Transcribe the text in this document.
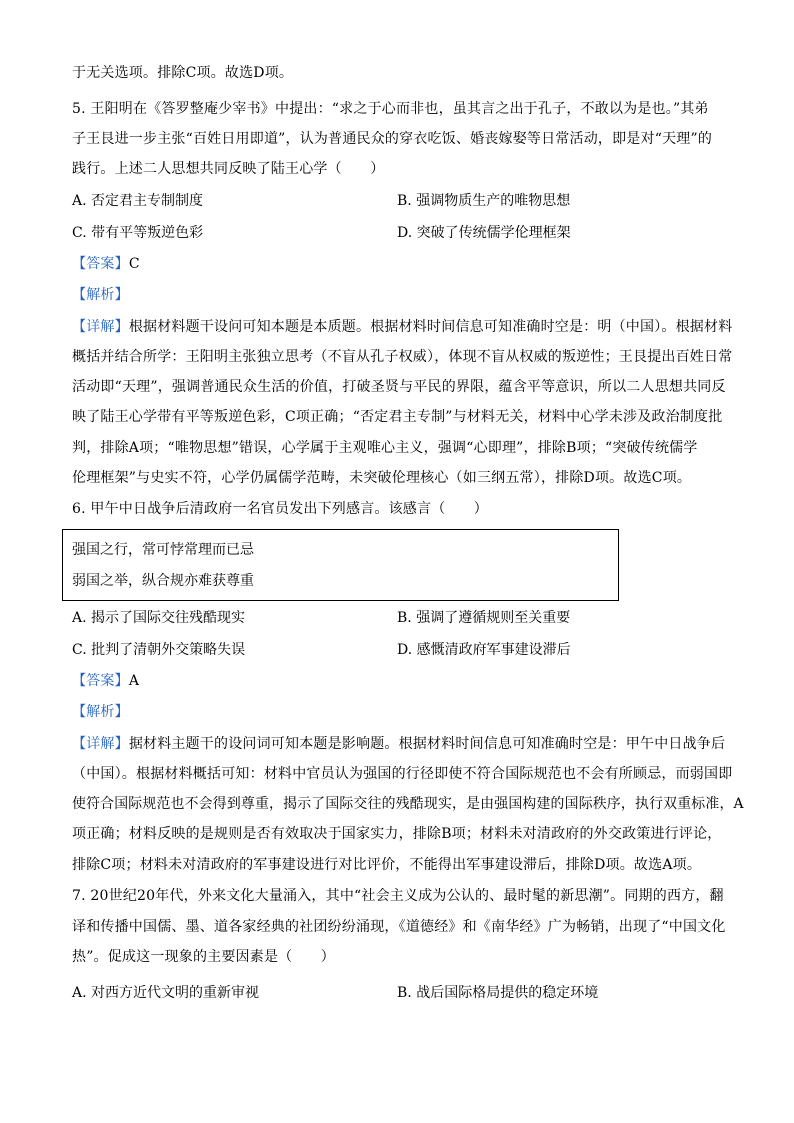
于无关选项。排除C项。故选D项。
5. 王阳明在《答罗整庵少宰书》中提出：“求之于心而非也，虽其言之出于孔子，不敢以为是也。”其弟
子王艮进一步主张“百姓日用即道”，认为普通民众的穿衣吃饭、婚丧嫁娶等日常活动，即是对“天理”的
践行。上述二人思想共同反映了陆王心学（　　）
A. 否定君主专制制度	B. 强调物质生产的唯物思想
C. 带有平等叛逆色彩	D. 突破了传统儒学伦理框架
【答案】C
【解析】
【详解】根据材料题干设问可知本题是本质题。根据材料时间信息可知准确时空是：明（中国）。根据材料
概括并结合所学：王阳明主张独立思考（不盲从孔子权威），体现不盲从权威的叛逆性；王艮提出百姓日常
活动即“天理”，强调普通民众生活的价值，打破圣贤与平民的界限，蕴含平等意识，所以二人思想共同反
映了陆王心学带有平等叛逆色彩，C项正确；“否定君主专制”与材料无关，材料中心学未涉及政治制度批
判，排除A项；“唯物思想”错误，心学属于主观唯心主义，强调“心即理”，排除B项；“突破传统儒学
伦理框架”与史实不符，心学仍属儒学范畴，未突破伦理核心（如三纲五常），排除D项。故选C项。
6. 甲午中日战争后清政府一名官员发出下列感言。该感言（　　）
强国之行，常可悖常理而已忌
弱国之举，纵合规亦难获尊重
A. 揭示了国际交往残酷现实	B. 强调了遵循规则至关重要
C. 批判了清朝外交策略失误	D. 感慨清政府军事建设滞后
【答案】A
【解析】
【详解】据材料主题干的设问词可知本题是影响题。根据材料时间信息可知准确时空是：甲午中日战争后
（中国）。根据材料概括可知：材料中官员认为强国的行径即使不符合国际规范也不会有所顾忌，而弱国即
使符合国际规范也不会得到尊重，揭示了国际交往的残酷现实，是由强国构建的国际秩序，执行双重标准，A
项正确；材料反映的是规则是否有效取决于国家实力，排除B项；材料未对清政府的外交政策进行评论，
排除C项；材料未对清政府的军事建设进行对比评价，不能得出军事建设滞后，排除D项。故选A项。
7. 20世纪20年代，外来文化大量涌入，其中“社会主义成为公认的、最时髦的新思潮”。同期的西方，翻
译和传播中国儒、墨、道各家经典的社团纷纷涌现，《道德经》和《南华经》广为畅销，出现了“中国文化
热”。促成这一现象的主要因素是（　　）
A. 对西方近代文明的重新审视	B. 战后国际格局提供的稳定环境
